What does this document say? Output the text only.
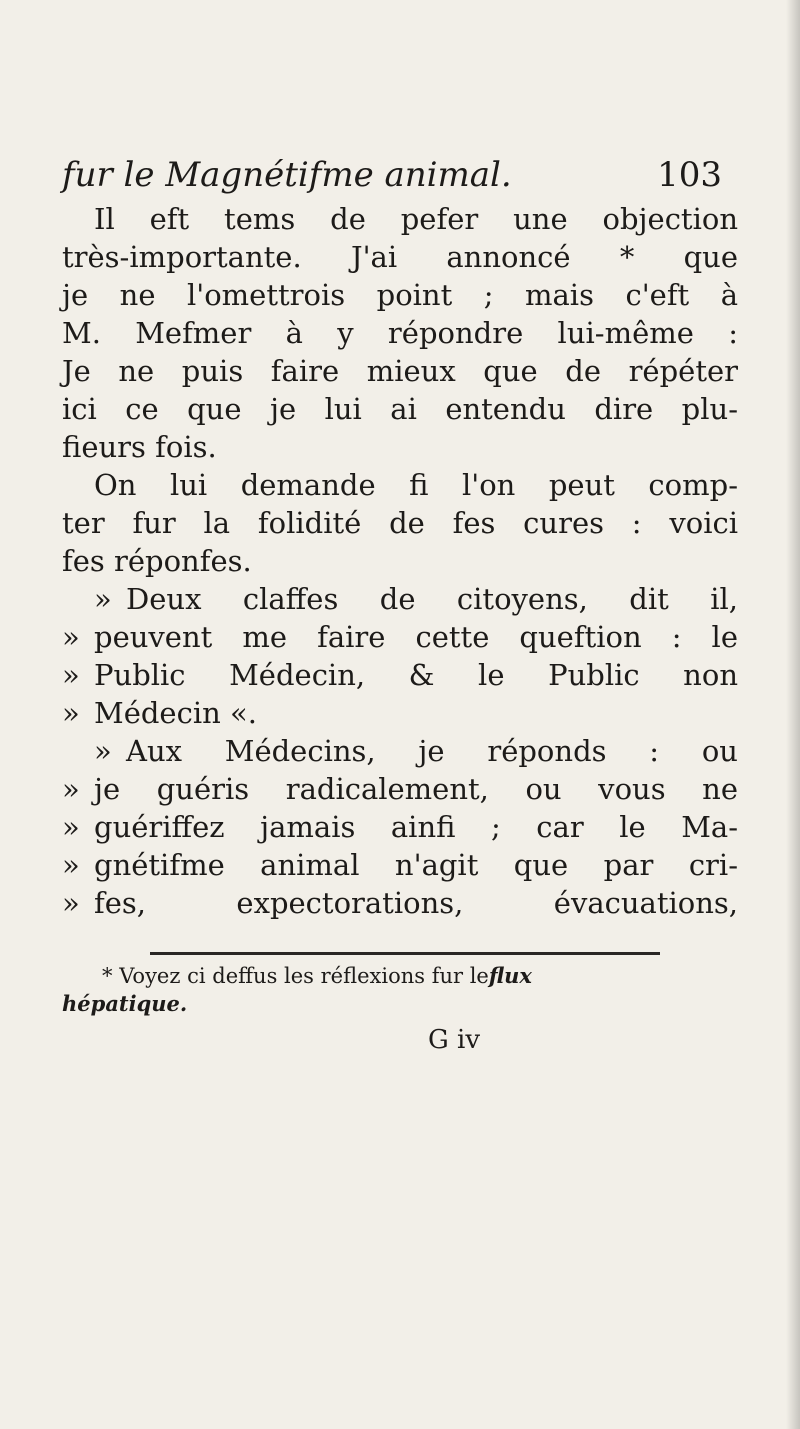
fur le Magnétifme animal.	103
Il eft tems de pefer une objection
très-importante. J'ai annoncé * que
je ne l'omettrois point ; mais c'eft à
M. Mefmer à y répondre lui-même :
Je ne puis faire mieux que de répéter
ici ce que je lui ai entendu dire plu-
fieurs fois.
On lui demande fi l'on peut comp-
ter fur la folidité de fes cures : voici
fes réponfes.
» Deux claffes de citoyens, dit il,
» peuvent me faire cette queftion : le
» Public Médecin, & le Public non
» Médecin «.
» Aux Médecins, je réponds : ou
» je guéris radicalement, ou vous ne
» guériffez jamais ainfi ; car le Ma-
» gnétifme animal n'agit que par cri-
» fes, expectorations, évacuations,
* Voyez ci deffus les réflexions fur leflux
hépatique.
G iv
